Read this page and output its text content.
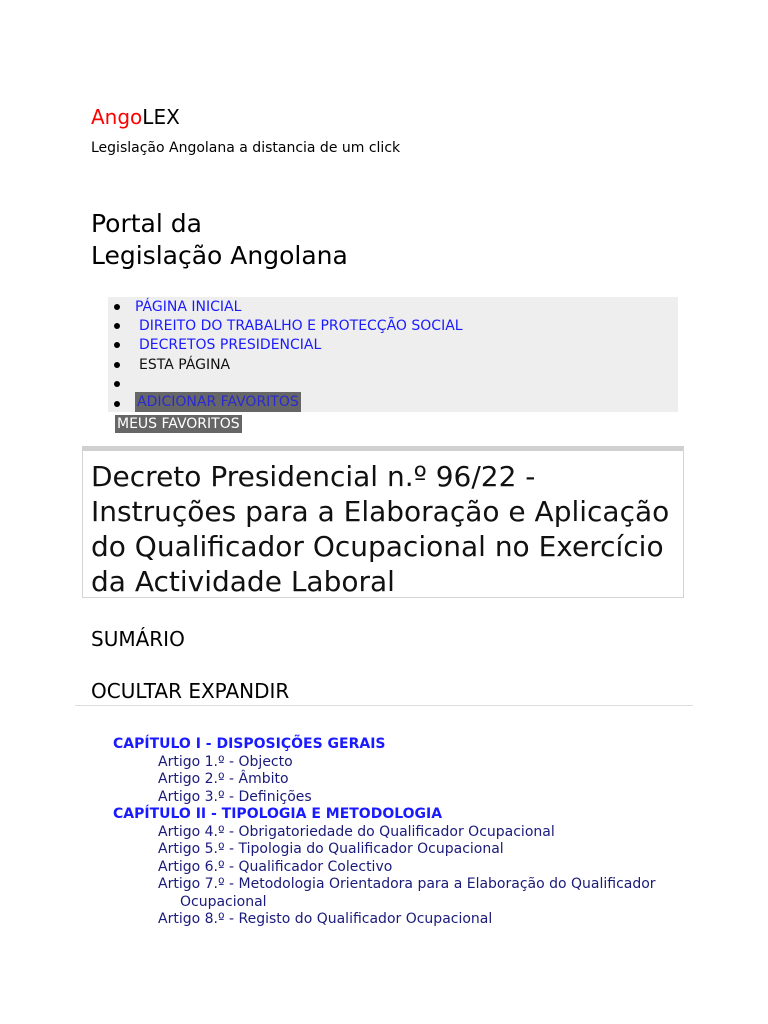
AngoLEX
Legislação Angolana a distancia de um click
Portal da
Legislação Angolana
PÁGINA INICIAL
DIREITO DO TRABALHO E PROTECÇÃO SOCIAL
DECRETOS PRESIDENCIAL
ESTA PÁGINA
ADICIONAR FAVORITOS
MEUS FAVORITOS
Decreto Presidencial n.º 96/22 - Instruções para a Elaboração e Aplicação do Qualificador Ocupacional no Exercício da Actividade Laboral
SUMÁRIO
OCULTAR EXPANDIR
CAPÍTULO I - DISPOSIÇÕES GERAIS
Artigo 1.º - Objecto
Artigo 2.º - Âmbito
Artigo 3.º - Definições
CAPÍTULO II - TIPOLOGIA E METODOLOGIA
Artigo 4.º - Obrigatoriedade do Qualificador Ocupacional
Artigo 5.º - Tipologia do Qualificador Ocupacional
Artigo 6.º - Qualificador Colectivo
Artigo 7.º - Metodologia Orientadora para a Elaboração do Qualificador
Ocupacional
Artigo 8.º - Registo do Qualificador Ocupacional
